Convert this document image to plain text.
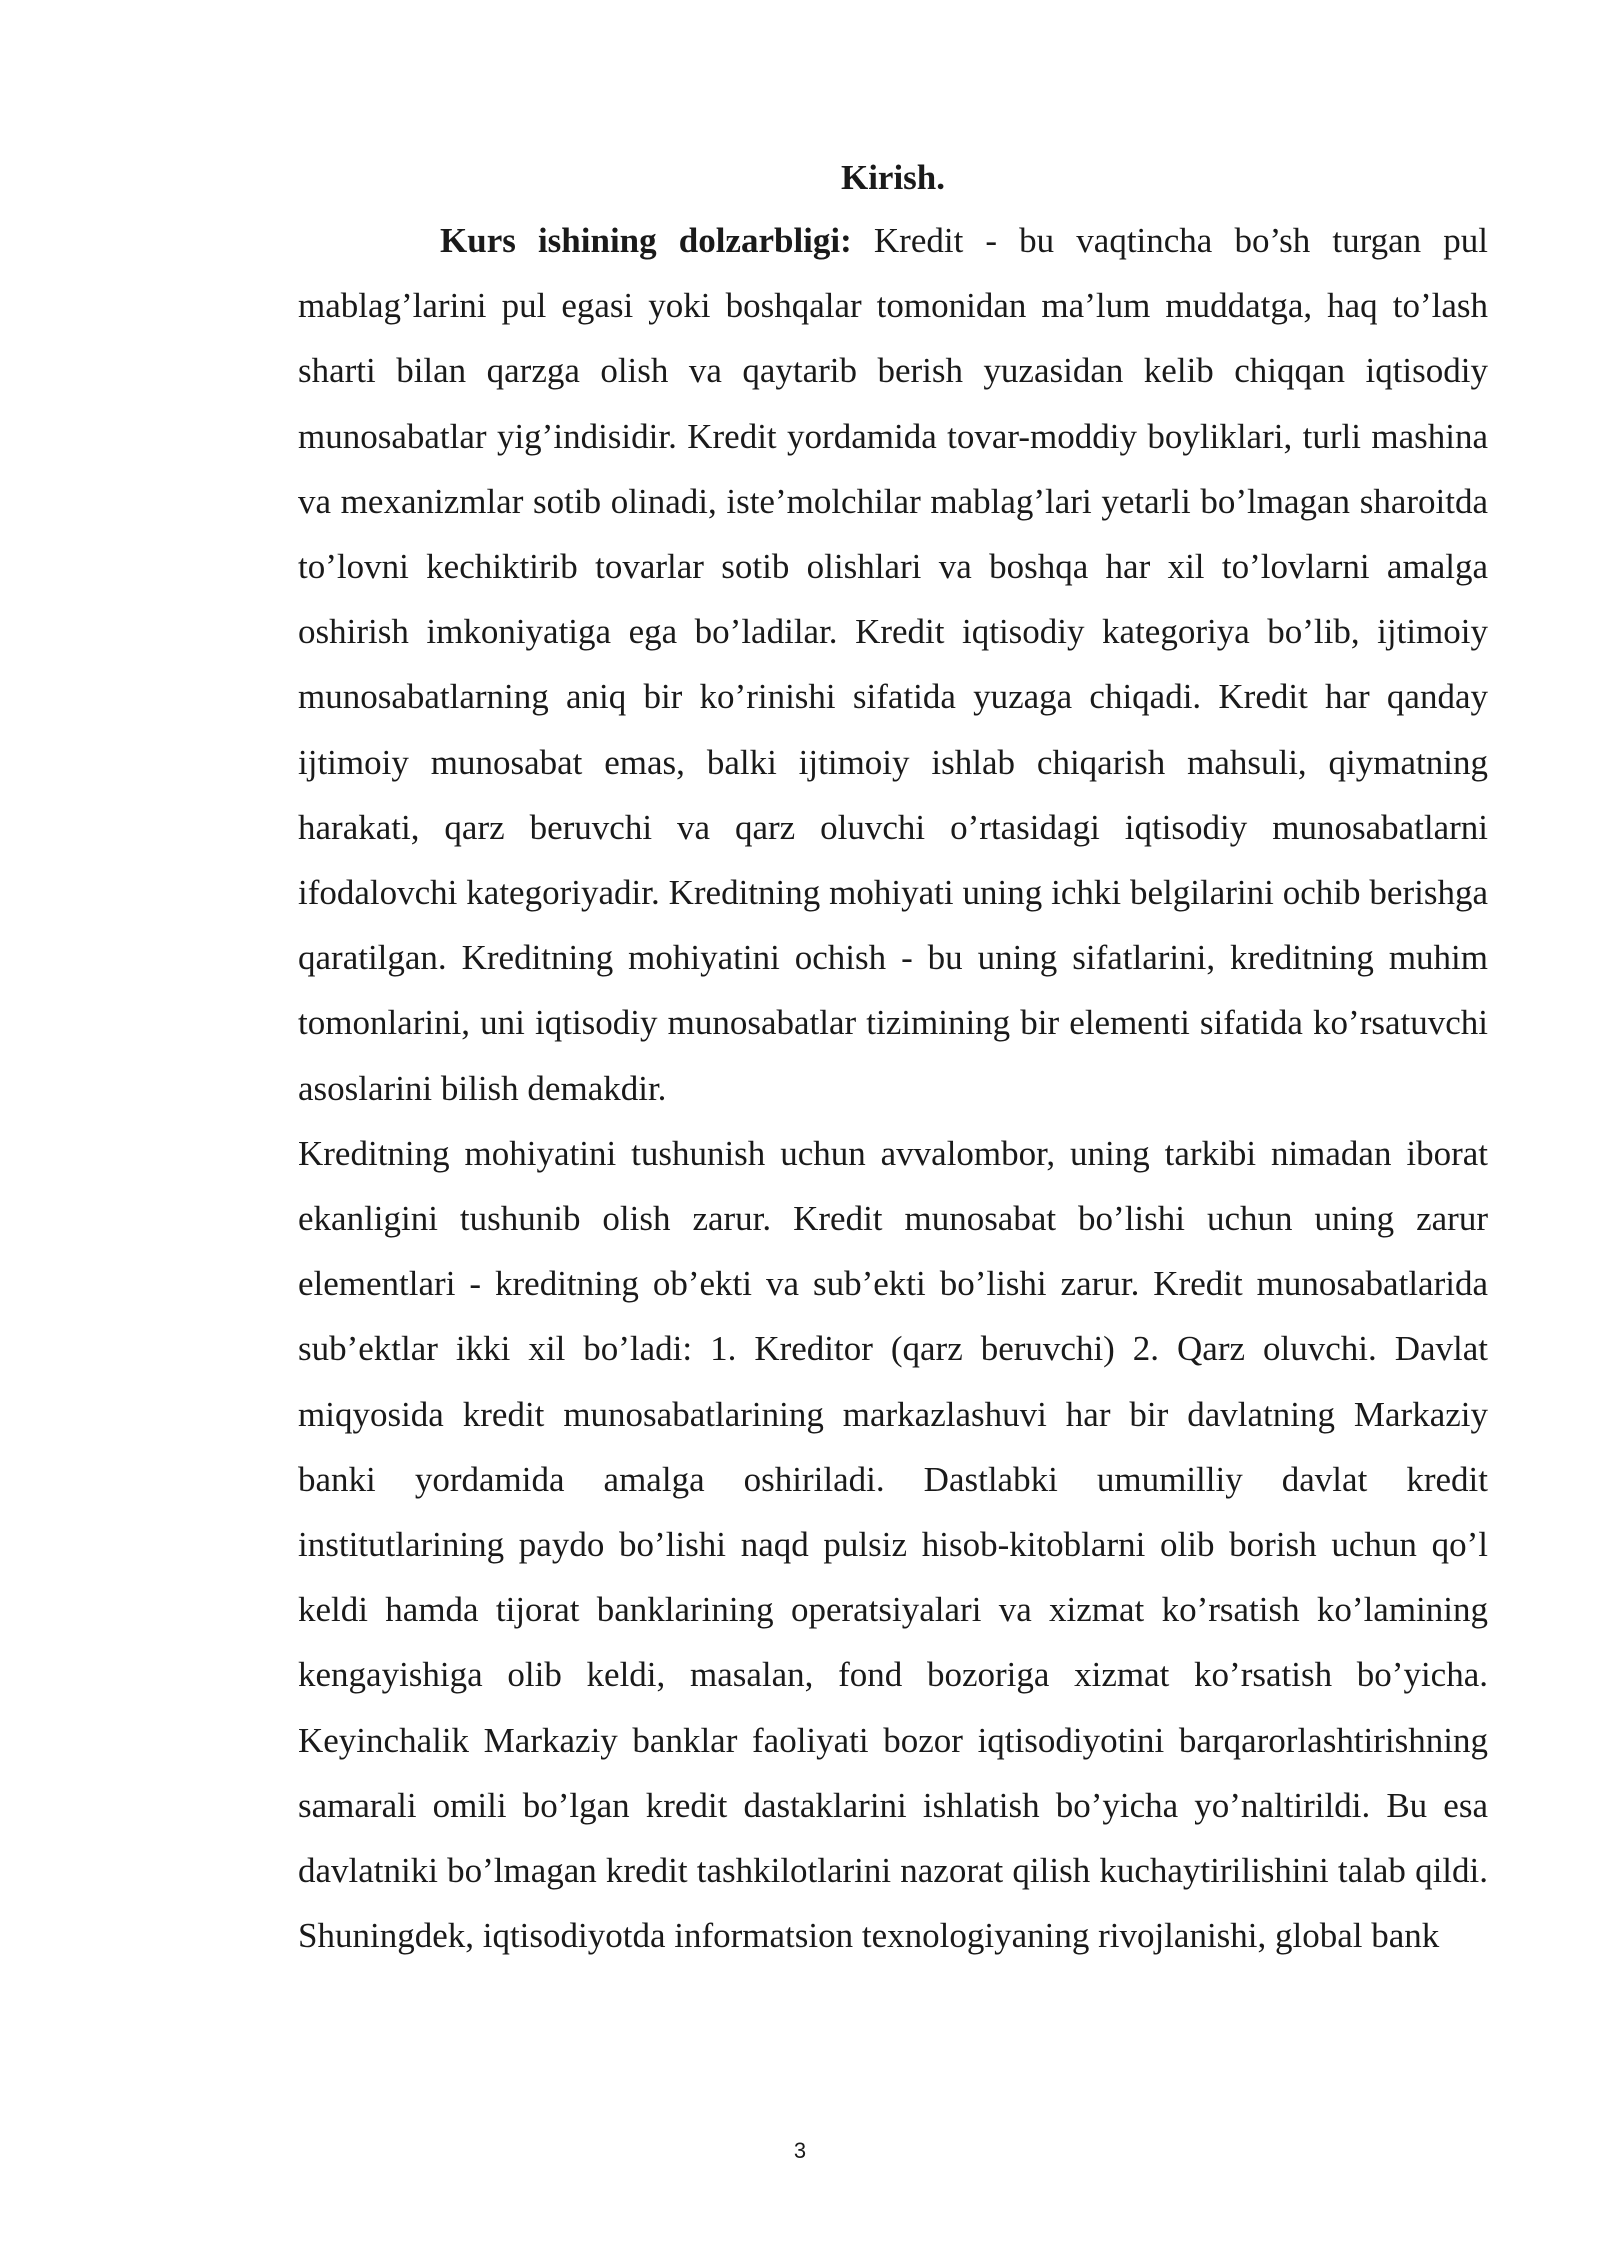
Kirish.

Kurs ishining dolzarbligi: Kredit - bu vaqtincha bo’sh turgan pul mablag’larini pul egasi yoki boshqalar tomonidan ma’lum muddatga, haq to’lash sharti bilan qarzga olish va qaytarib berish yuzasidan kelib chiqqan iqtisodiy munosabatlar yig’indisidir. Kredit yordamida tovar-moddiy boyliklari, turli mashina va mexanizmlar sotib olinadi, iste’molchilar mablag’lari yetarli bo’lmagan sharoitda to’lovni kechiktirib tovarlar sotib olishlari va boshqa har xil to’lovlarni amalga oshirish imkoniyatiga ega bo’ladilar. Kredit iqtisodiy kategoriya bo’lib, ijtimoiy munosabatlarning aniq bir ko’rinishi sifatida yuzaga chiqadi. Kredit har qanday ijtimoiy munosabat emas, balki ijtimoiy ishlab chiqarish mahsuli, qiymatning harakati, qarz beruvchi va qarz oluvchi o’rtasidagi iqtisodiy munosabatlarni ifodalovchi kategoriyadir. Kreditning mohiyati uning ichki belgilarini ochib berishga qaratilgan. Kreditning mohiyatini ochish - bu uning sifatlarini, kreditning muhim tomonlarini, uni iqtisodiy munosabatlar tizimining bir elementi sifatida ko’rsatuvchi asoslarini bilish demakdir.

Kreditning mohiyatini tushunish uchun avvalombor, uning tarkibi nimadan iborat ekanligini tushunib olish zarur. Kredit munosabat bo’lishi uchun uning zarur elementlari - kreditning ob’ekti va sub’ekti bo’lishi zarur. Kredit munosabatlarida sub’ektlar ikki xil bo’ladi: 1. Kreditor (qarz beruvchi) 2. Qarz oluvchi. Davlat miqyosida kredit munosabatlarining markazlashuvi har bir davlatning Markaziy banki yordamida amalga oshiriladi. Dastlabki umumilliy davlat kredit institutlarining paydo bo’lishi naqd pulsiz hisob-kitoblarni olib borish uchun qo’l keldi hamda tijorat banklarining operatsiyalari va xizmat ko’rsatish ko’lamining kengayishiga olib keldi, masalan, fond bozoriga xizmat ko’rsatish bo’yicha. Keyinchalik Markaziy banklar faoliyati bozor iqtisodiyotini barqarorlashtirishning samarali omili bo’lgan kredit dastaklarini ishlatish bo’yicha yo’naltirildi. Bu esa davlatniki bo’lmagan kredit tashkilotlarini nazorat qilish kuchaytirilishini talab qildi. Shuningdek, iqtisodiyotda informatsion texnologiyaning rivojlanishi, global bank

3
